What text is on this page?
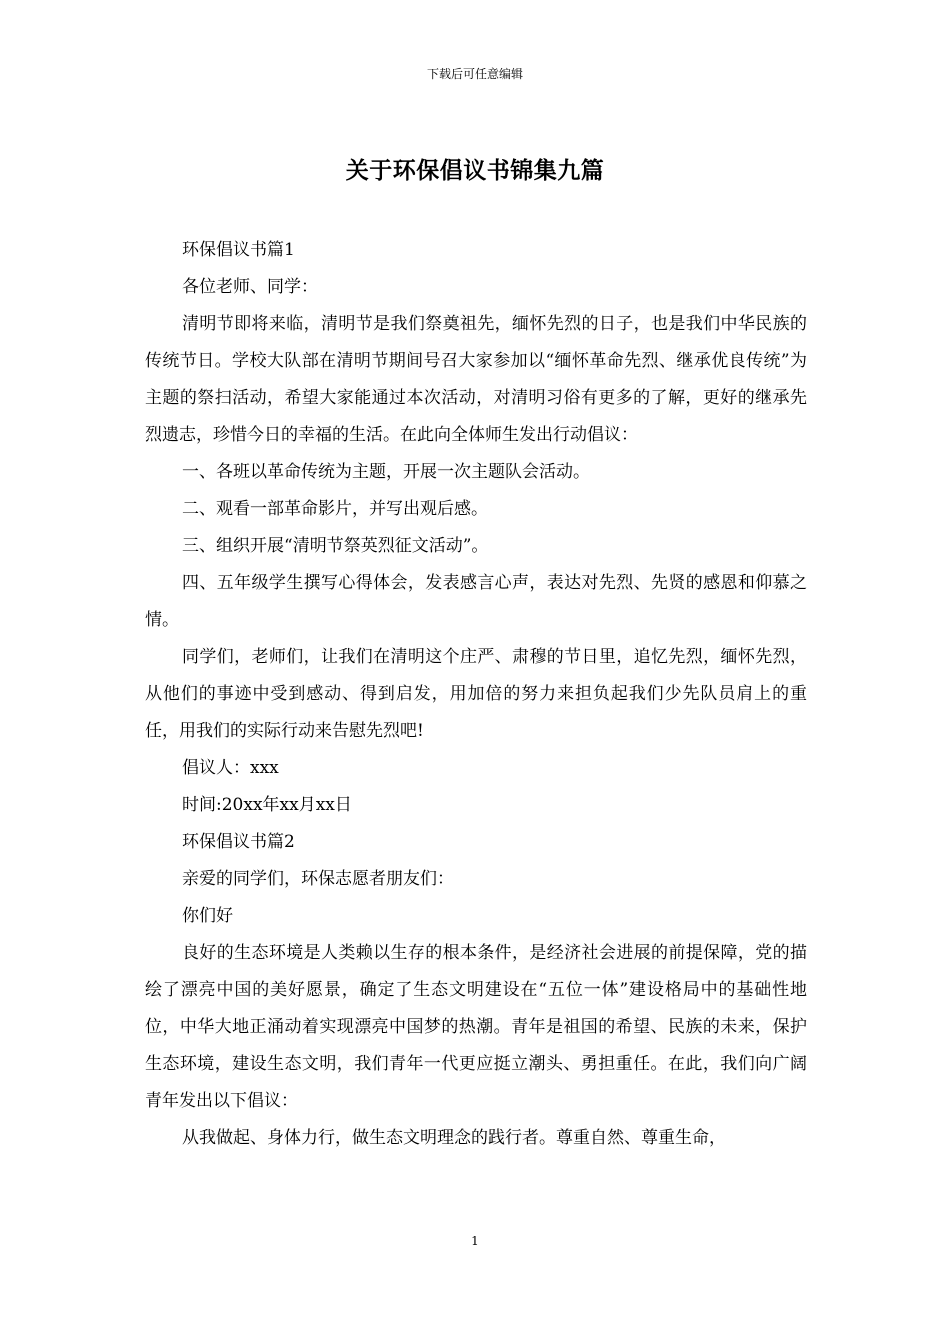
下载后可任意编辑
关于环保倡议书锦集九篇

环保倡议书篇1

各位老师、同学：

清明节即将来临，清明节是我们祭奠祖先，缅怀先烈的日子，也是我们中华民族的传统节日。学校大队部在清明节期间号召大家参加以“缅怀革命先烈、继承优良传统”为主题的祭扫活动，希望大家能通过本次活动，对清明习俗有更多的了解，更好的继承先烈遗志，珍惜今日的幸福的生活。在此向全体师生发出行动倡议：

一、各班以革命传统为主题，开展一次主题队会活动。

二、观看一部革命影片，并写出观后感。

三、组织开展“清明节祭英烈征文活动”。

四、五年级学生撰写心得体会，发表感言心声，表达对先烈、先贤的感恩和仰慕之情。

同学们，老师们，让我们在清明这个庄严、肃穆的节日里，追忆先烈，缅怀先烈，从他们的事迹中受到感动、得到启发，用加倍的努力来担负起我们少先队员肩上的重任，用我们的实际行动来告慰先烈吧!

倡议人：xxx

时间:20xx年xx月xx日

环保倡议书篇2

亲爱的同学们，环保志愿者朋友们：

你们好

良好的生态环境是人类赖以生存的根本条件，是经济社会进展的前提保障，党的描绘了漂亮中国的美好愿景，确定了生态文明建设在“五位一体”建设格局中的基础性地位，中华大地正涌动着实现漂亮中国梦的热潮。青年是祖国的希望、民族的未来，保护生态环境，建设生态文明，我们青年一代更应挺立潮头、勇担重任。在此，我们向广阔青年发出以下倡议：

从我做起、身体力行，做生态文明理念的践行者。尊重自然、尊重生命，

1
